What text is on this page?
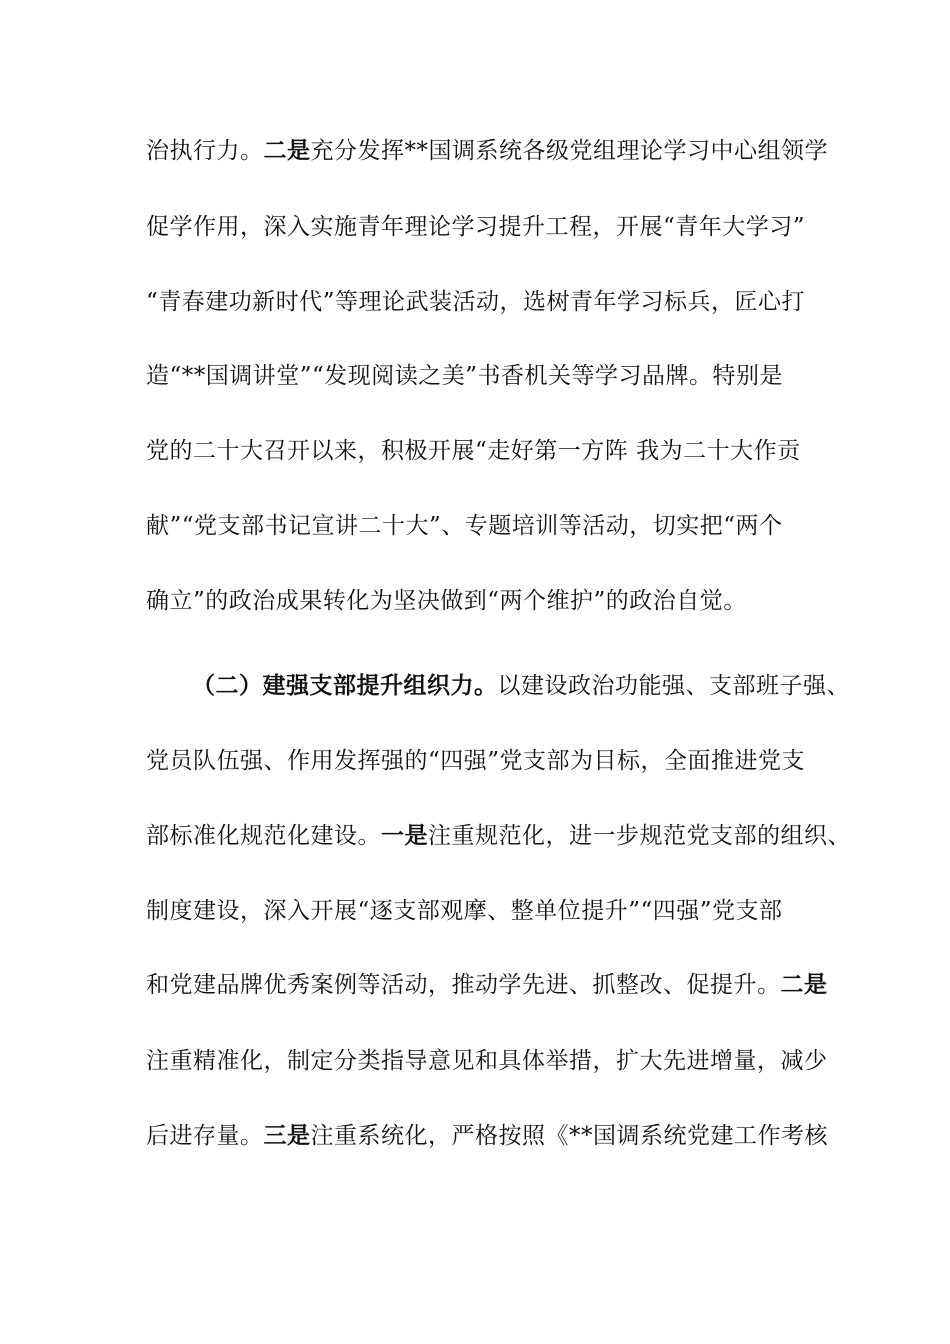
治执行力。二是充分发挥**国调系统各级党组理论学习中心组领学
促学作用，深入实施青年理论学习提升工程，开展“青年大学习”
“青春建功新时代”等理论武装活动，选树青年学习标兵，匠心打
造“**国调讲堂”“发现阅读之美”书香机关等学习品牌。特别是
党的二十大召开以来，积极开展“走好第一方阵 我为二十大作贡
献”“党支部书记宣讲二十大”、专题培训等活动，切实把“两个
确立”的政治成果转化为坚决做到“两个维护”的政治自觉。
（二）建强支部提升组织力。以建设政治功能强、支部班子强、
党员队伍强、作用发挥强的“四强”党支部为目标，全面推进党支
部标准化规范化建设。一是注重规范化，进一步规范党支部的组织、
制度建设，深入开展“逐支部观摩、整单位提升”“四强”党支部
和党建品牌优秀案例等活动，推动学先进、抓整改、促提升。二是
注重精准化，制定分类指导意见和具体举措，扩大先进增量，减少
后进存量。三是注重系统化，严格按照《**国调系统党建工作考核
